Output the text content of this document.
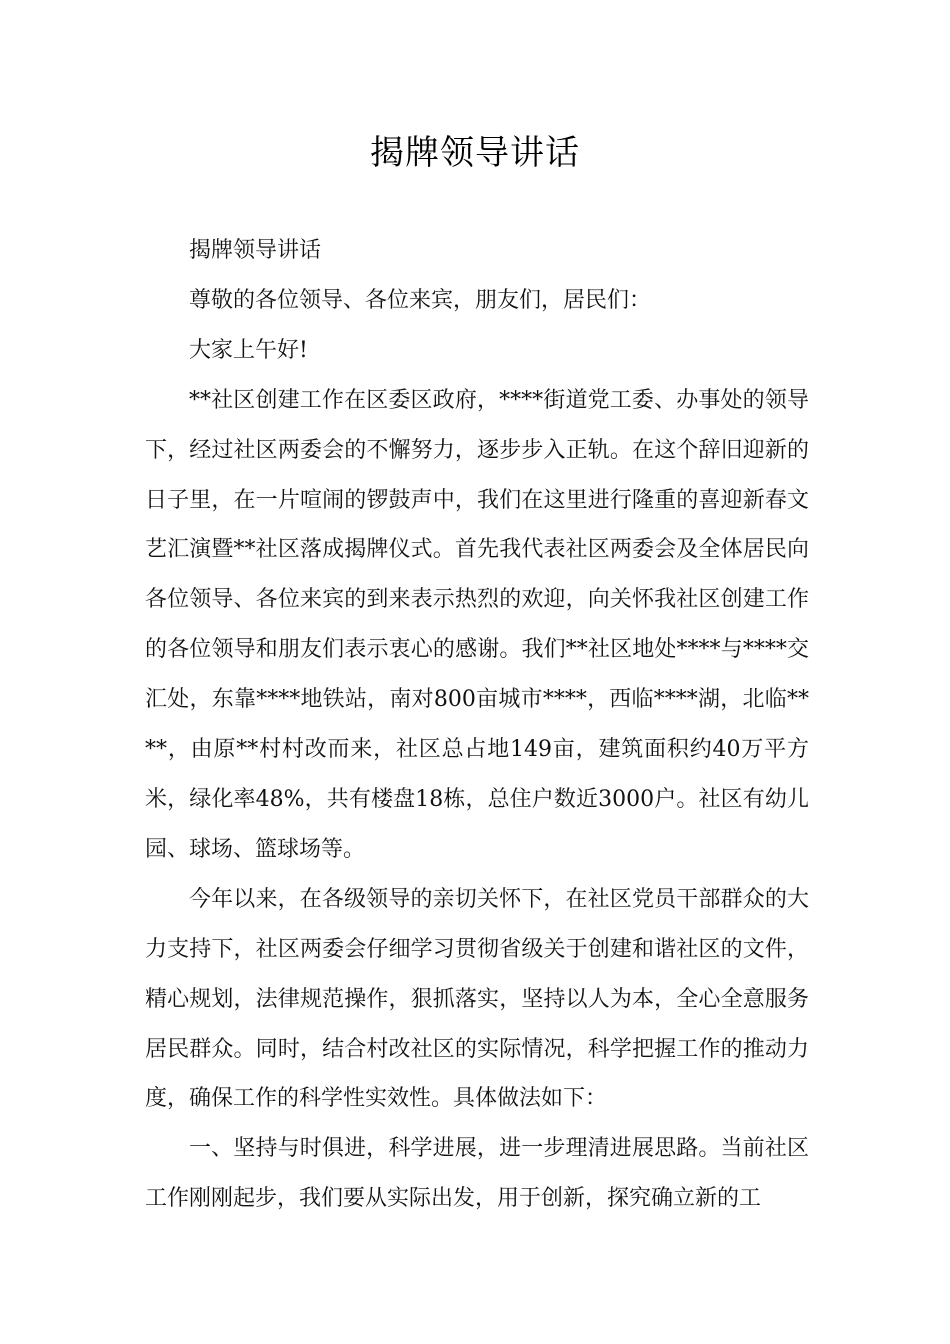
揭牌领导讲话

揭牌领导讲话

尊敬的各位领导、各位来宾，朋友们，居民们：

大家上午好!

**社区创建工作在区委区政府，****街道党工委、办事处的领导下，经过社区两委会的不懈努力，逐步步入正轨。在这个辞旧迎新的日子里，在一片喧闹的锣鼓声中，我们在这里进行隆重的喜迎新春文艺汇演暨**社区落成揭牌仪式。首先我代表社区两委会及全体居民向各位领导、各位来宾的到来表示热烈的欢迎，向关怀我社区创建工作的各位领导和朋友们表示衷心的感谢。我们**社区地处****与****交汇处，东靠****地铁站，南对800亩城市****，西临****湖，北临****，由原**村村改而来，社区总占地149亩，建筑面积约40万平方米，绿化率48%，共有楼盘18栋，总住户数近3000户。社区有幼儿园、球场、篮球场等。

今年以来，在各级领导的亲切关怀下，在社区党员干部群众的大力支持下，社区两委会仔细学习贯彻省级关于创建和谐社区的文件，精心规划，法律规范操作，狠抓落实，坚持以人为本，全心全意服务居民群众。同时，结合村改社区的实际情况，科学把握工作的推动力度，确保工作的科学性实效性。具体做法如下：

一、坚持与时俱进，科学进展，进一步理清进展思路。当前社区工作刚刚起步，我们要从实际出发，用于创新，探究确立新的工
